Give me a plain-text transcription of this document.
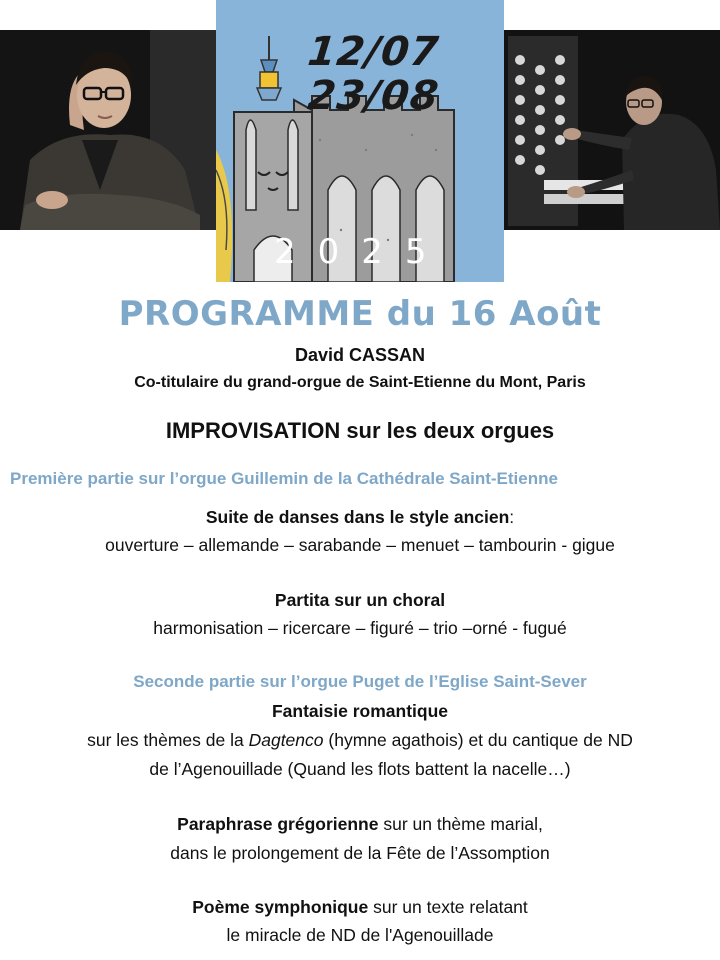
12/07
23/08
2025
PROGRAMME du 16 Août
David CASSAN
Co-titulaire du grand-orgue de Saint-Etienne du Mont, Paris
IMPROVISATION sur les deux orgues
Première partie sur l’orgue Guillemin de la Cathédrale Saint-Etienne
Suite de danses dans le style ancien:
ouverture – allemande – sarabande – menuet – tambourin - gigue
Partita sur un choral
harmonisation – ricercare – figuré – trio –orné - fugué
Seconde partie sur l’orgue Puget de l’Eglise Saint-Sever
Fantaisie romantique
sur les thèmes de la Dagtenco (hymne agathois) et du cantique de ND
de l’Agenouillade (Quand les flots battent la nacelle…)
Paraphrase grégorienne sur un thème marial,
dans le prolongement de la Fête de l’Assomption
Poème symphonique sur un texte relatant
le miracle de ND de l'Agenouillade
